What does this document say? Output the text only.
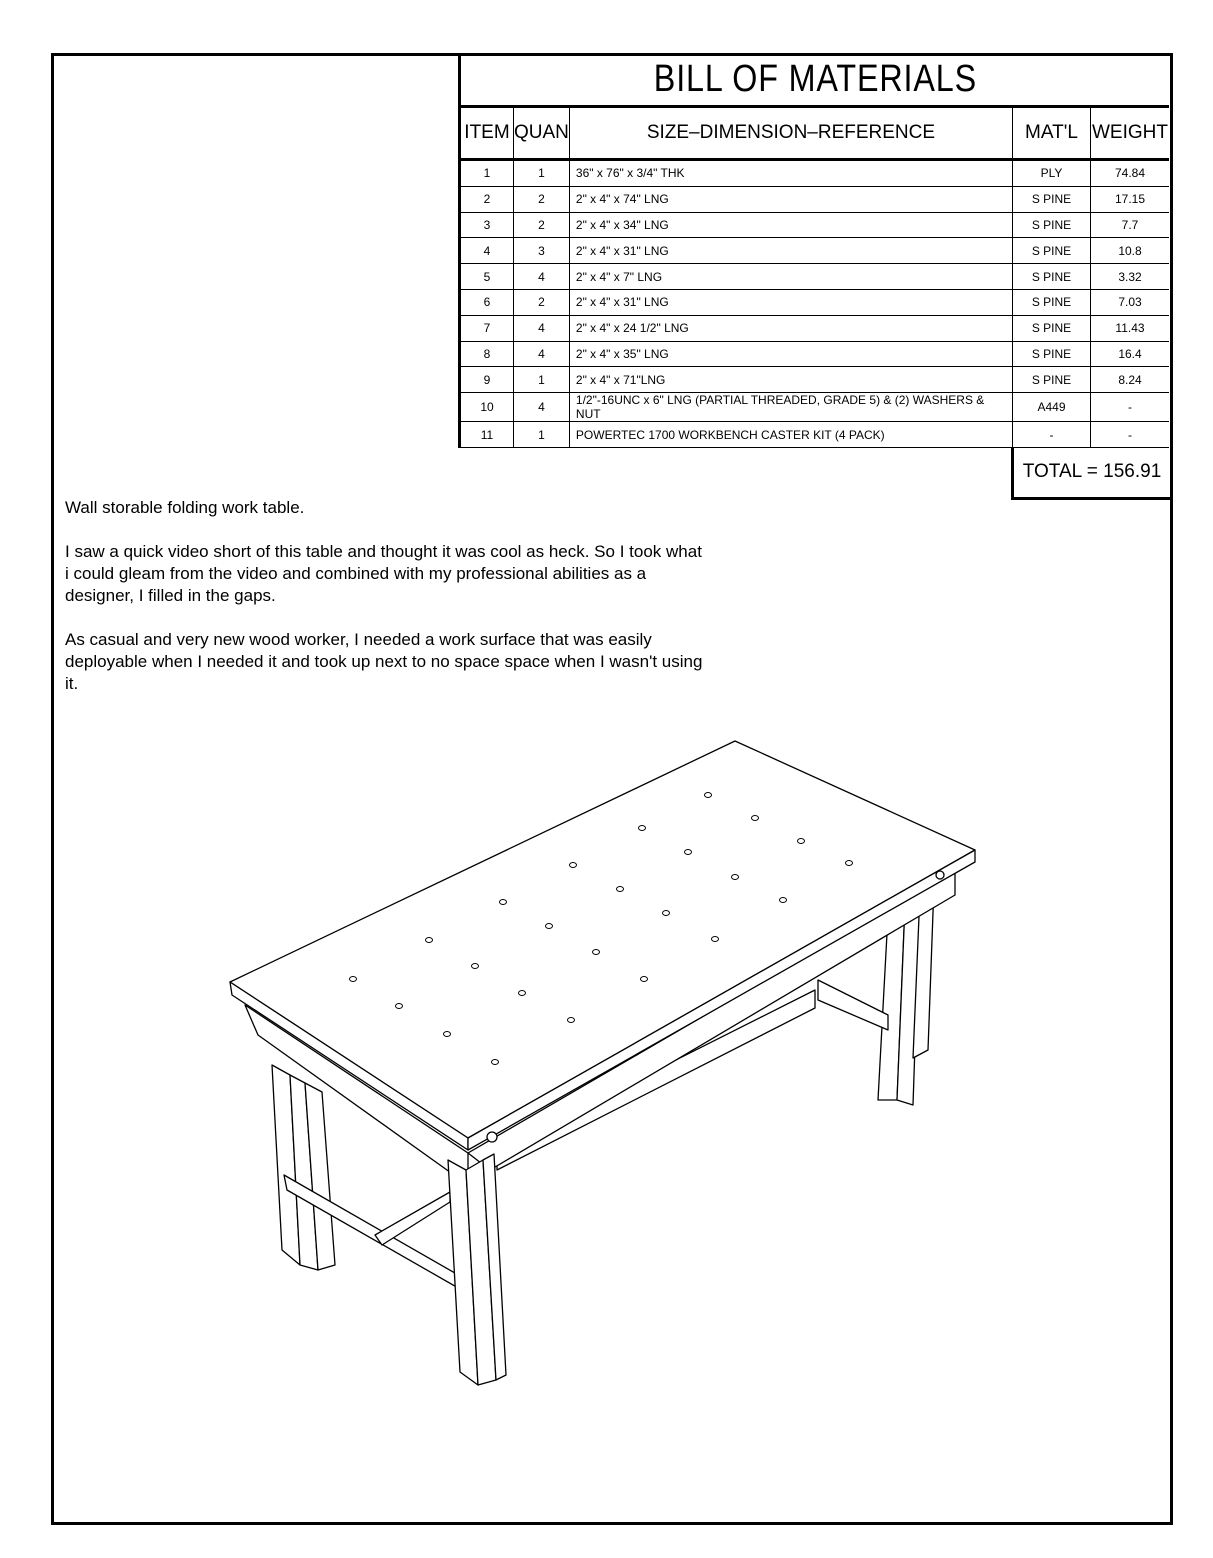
BILL OF MATERIALS				
ITEM	QUAN	SIZE–DIMENSION–REFERENCE	MAT'L	WEIGHT
1	1	36" x 76" x 3/4" THK	PLY	74.84
2	2	2" x 4" x 74" LNG	S PINE	17.15
3	2	2" x 4" x 34" LNG	S PINE	7.7
4	3	2" x 4" x 31" LNG	S PINE	10.8
5	4	2" x 4" x 7" LNG	S PINE	3.32
6	2	2" x 4" x 31" LNG	S PINE	7.03
7	4	2" x 4" x 24 1/2" LNG	S PINE	11.43
8	4	2" x 4" x 35" LNG	S PINE	16.4
9	1	2" x 4" x 71"LNG	S PINE	8.24
10	4	1/2"-16UNC x 6" LNG (PARTIAL THREADED, GRADE 5) & (2) WASHERS & NUT	A449	-
11	1	POWERTEC 1700 WORKBENCH CASTER KIT (4 PACK)	-	-
TOTAL = 156.91

Wall storable folding work table.

I saw a quick video short of this table and thought it was cool as heck. So I took what i could gleam from the video and combined with my professional abilities as a designer, I filled in the gaps.

As casual and very new wood worker, I needed a work surface that was easily deployable when I needed it and took up next to no space space when I wasn't using it.
